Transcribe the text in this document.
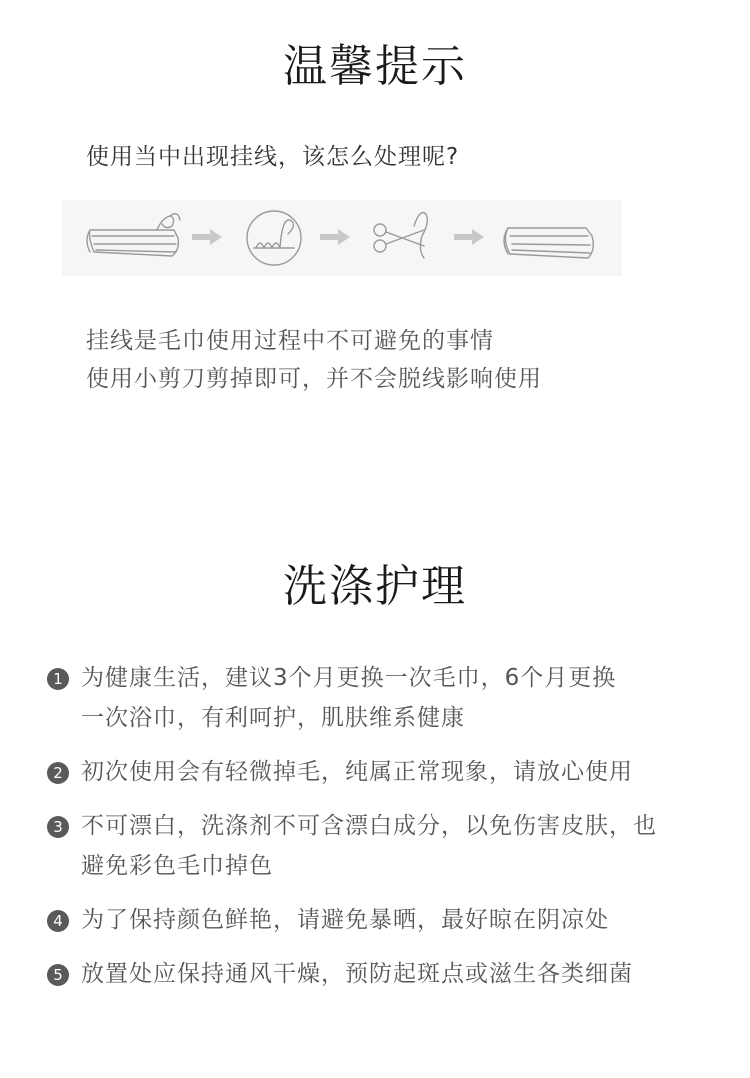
温馨提示
使用当中出现挂线，该怎么处理呢?
挂线是毛巾使用过程中不可避免的事情
使用小剪刀剪掉即可，并不会脱线影响使用
洗涤护理
1 为健康生活，建议3个月更换一次毛巾，6个月更换
一次浴巾，有利呵护，肌肤维系健康
2 初次使用会有轻微掉毛，纯属正常现象，请放心使用
3 不可漂白，洗涤剂不可含漂白成分，以免伤害皮肤，也
避免彩色毛巾掉色
4 为了保持颜色鲜艳，请避免暴晒，最好晾在阴凉处
5 放置处应保持通风干燥，预防起斑点或滋生各类细菌
